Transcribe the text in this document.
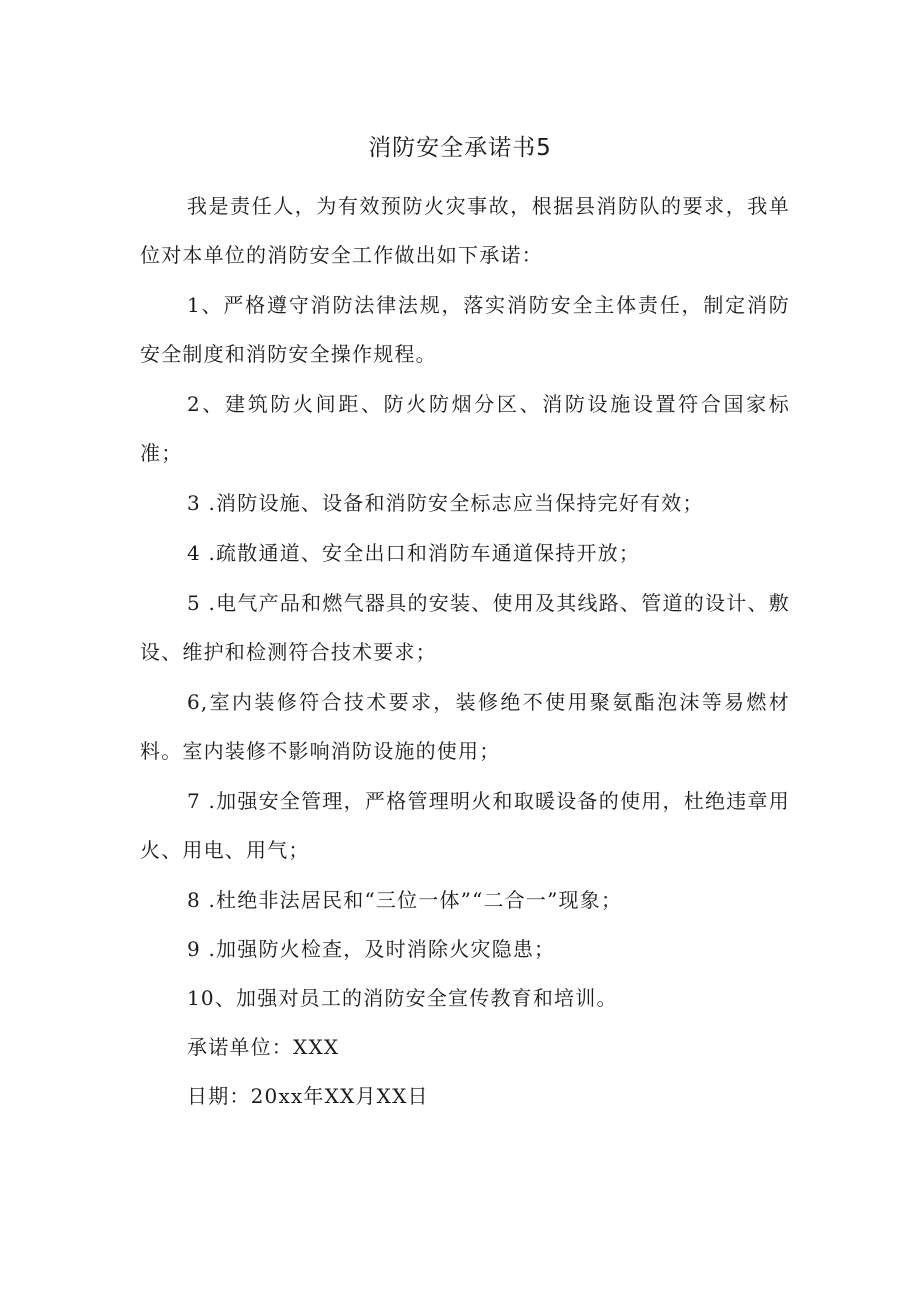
消防安全承诺书5

我是责任人，为有效预防火灾事故，根据县消防队的要求，我单位对本单位的消防安全工作做出如下承诺：

1、严格遵守消防法律法规，落实消防安全主体责任，制定消防安全制度和消防安全操作规程。

2、建筑防火间距、防火防烟分区、消防设施设置符合国家标准；

3 .消防设施、设备和消防安全标志应当保持完好有效；

4 .疏散通道、安全出口和消防车通道保持开放；

5 .电气产品和燃气器具的安装、使用及其线路、管道的设计、敷设、维护和检测符合技术要求；

6,室内装修符合技术要求，装修绝不使用聚氨酯泡沫等易燃材料。室内装修不影响消防设施的使用；

7 .加强安全管理，严格管理明火和取暖设备的使用，杜绝违章用火、用电、用气；

8 .杜绝非法居民和“三位一体”“二合一”现象；

9 .加强防火检查，及时消除火灾隐患；

10、加强对员工的消防安全宣传教育和培训。

承诺单位：XXX

日期：20xx年XX月XX日
